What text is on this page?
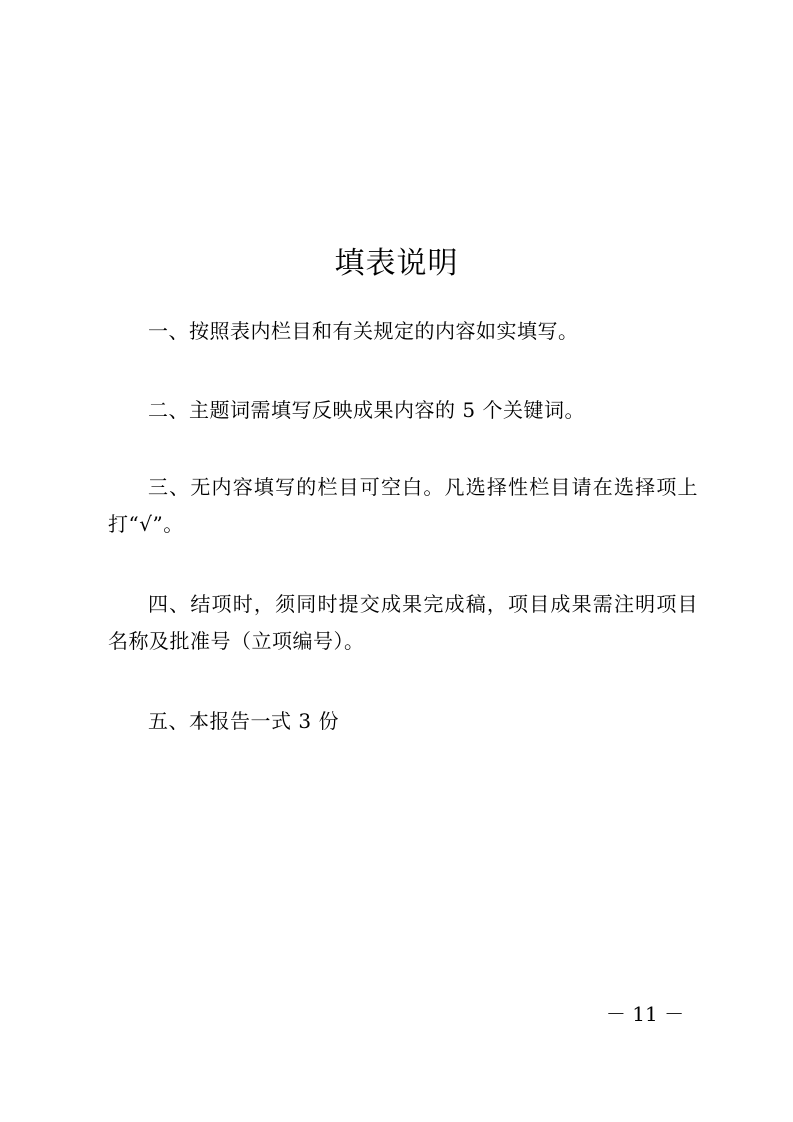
填表说明

一、按照表内栏目和有关规定的内容如实填写。

二、主题词需填写反映成果内容的 5 个关键词。

三、无内容填写的栏目可空白。凡选择性栏目请在选择项上打“√”。

四、结项时，须同时提交成果完成稿，项目成果需注明项目名称及批准号（立项编号）。

五、本报告一式 3 份

－ 11 －
